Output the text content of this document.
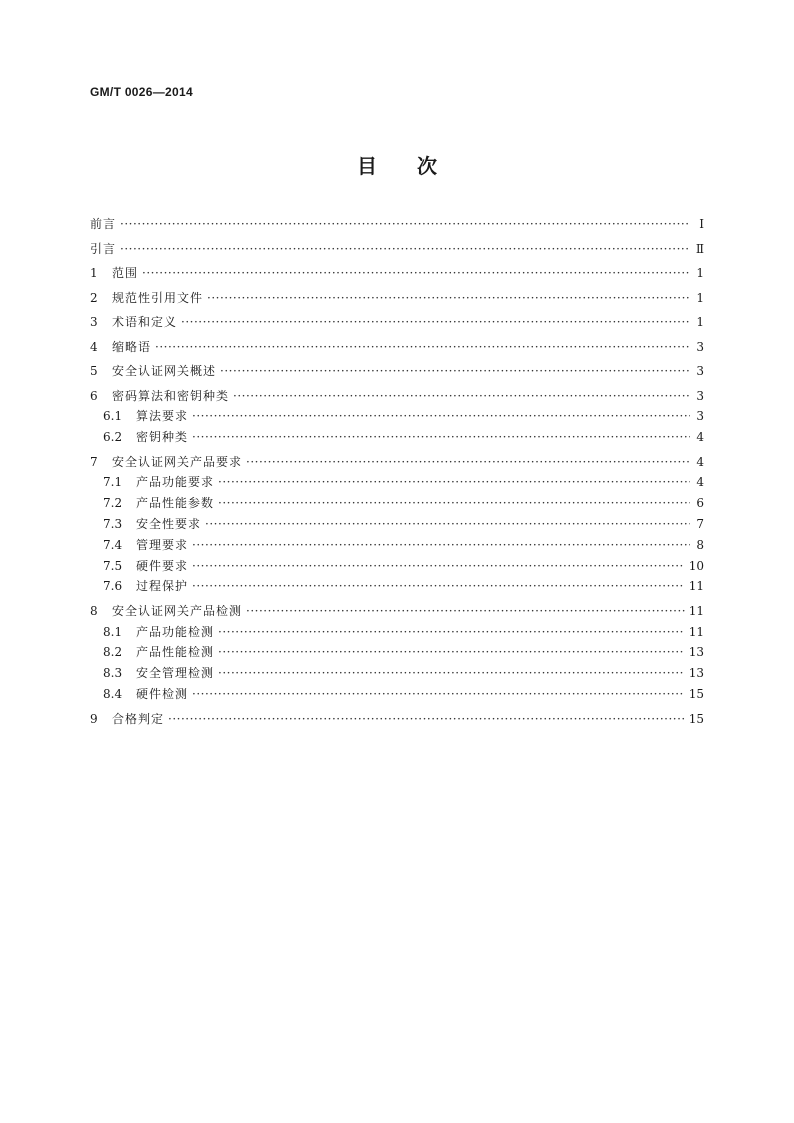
GM/T 0026—2014
目次
前言 ·····	Ⅰ
引言 ·····	Ⅱ
1	范围 ·····	1
2	规范性引用文件 ·····	1
3	术语和定义 ·····	1
4	缩略语 ·····	3
5	安全认证网关概述 ·····	3
6	密码算法和密钥种类 ·····	3
6.1	算法要求 ·····	3
6.2	密钥种类 ·····	4
7	安全认证网关产品要求 ·····	4
7.1	产品功能要求 ·····	4
7.2	产品性能参数 ·····	6
7.3	安全性要求 ·····	7
7.4	管理要求 ·····	8
7.5	硬件要求 ·····	10
7.6	过程保护 ·····	11
8	安全认证网关产品检测 ·····	11
8.1	产品功能检测 ·····	11
8.2	产品性能检测 ·····	13
8.3	安全管理检测 ·····	13
8.4	硬件检测 ·····	15
9	合格判定 ·····	15
